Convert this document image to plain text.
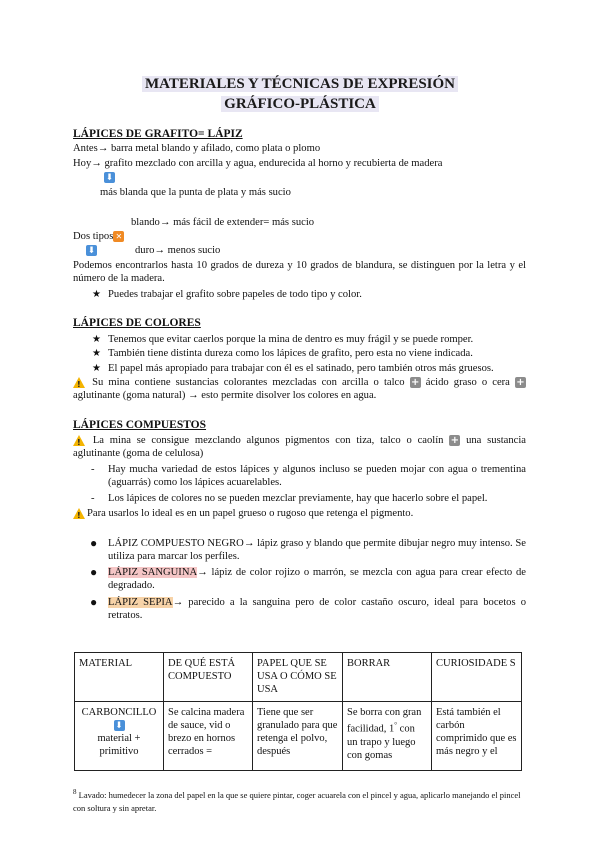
MATERIALES Y TÉCNICAS DE EXPRESIÓN
GRÁFICO-PLÁSTICA
LÁPICES DE GRAFITO= LÁPIZ
Antes→ barra metal blando y afilado, como plata o plomo
Hoy→ grafito mezclado con arcilla y agua, endurecida al horno y recubierta de madera
⬇
más blanda que la punta de plata y más sucio
blando→ más fácil de extender= más sucio
Dos tipos ✕
⬇	duro→ menos sucio
Podemos encontrarlos hasta 10 grados de dureza y 10 grados de blandura, se distinguen por la letra y el número de la madera.
★ Puedes trabajar el grafito sobre papeles de todo tipo y color.
LÁPICES DE COLORES
★ Tenemos que evitar caerlos porque la mina de dentro es muy frágil y se puede romper.
★ También tiene distinta dureza como los lápices de grafito, pero esta no viene indicada.
★ El papel más apropiado para trabajar con él es el satinado, pero también otros más gruesos.
! Su mina contiene sustancias colorantes mezcladas con arcilla o talco + ácido graso o cera + aglutinante (goma natural) → esto permite disolver los colores en agua.
LÁPICES COMPUESTOS
! La mina se consigue mezclando algunos pigmentos con tiza, talco o caolín + una sustancia aglutinante (goma de celulosa)
- Hay mucha variedad de estos lápices y algunos incluso se pueden mojar con agua o trementina (aguarrás) como los lápices acuarelables.
- Los lápices de colores no se pueden mezclar previamente, hay que hacerlo sobre el papel.
!Para usarlos lo ideal es en un papel grueso o rugoso que retenga el pigmento.
● LÁPIZ COMPUESTO NEGRO→ lápiz graso y blando que permite dibujar negro muy intenso. Se utiliza para marcar los perfiles.
● LÁPIZ SANGUINA→ lápiz de color rojizo o marrón, se mezcla con agua para crear efecto de degradado.
● LÁPIZ SEPIA→ parecido a la sanguina pero de color castaño oscuro, ideal para bocetos o retratos.
MATERIAL	DE QUÉ ESTÁ COMPUESTO	PAPEL QUE SE USA O CÓMO SE USA	BORRAR	CURIOSIDADE S

CARBONCILLO
⬇
material + primitivo	Se calcina madera de sauce, vid o brezo en hornos cerrados =	Tiene que ser granulado para que retenga el polvo, después	Se borra con gran facilidad, 1° con un trapo y luego con gomas	Está también el carbón comprimido que es más negro y el
$^8$ Lavado: humedecer la zona del papel en la que se quiere pintar, coger acuarela con el pincel y agua, aplicarlo manejando el pincel con soltura y sin apretar.
